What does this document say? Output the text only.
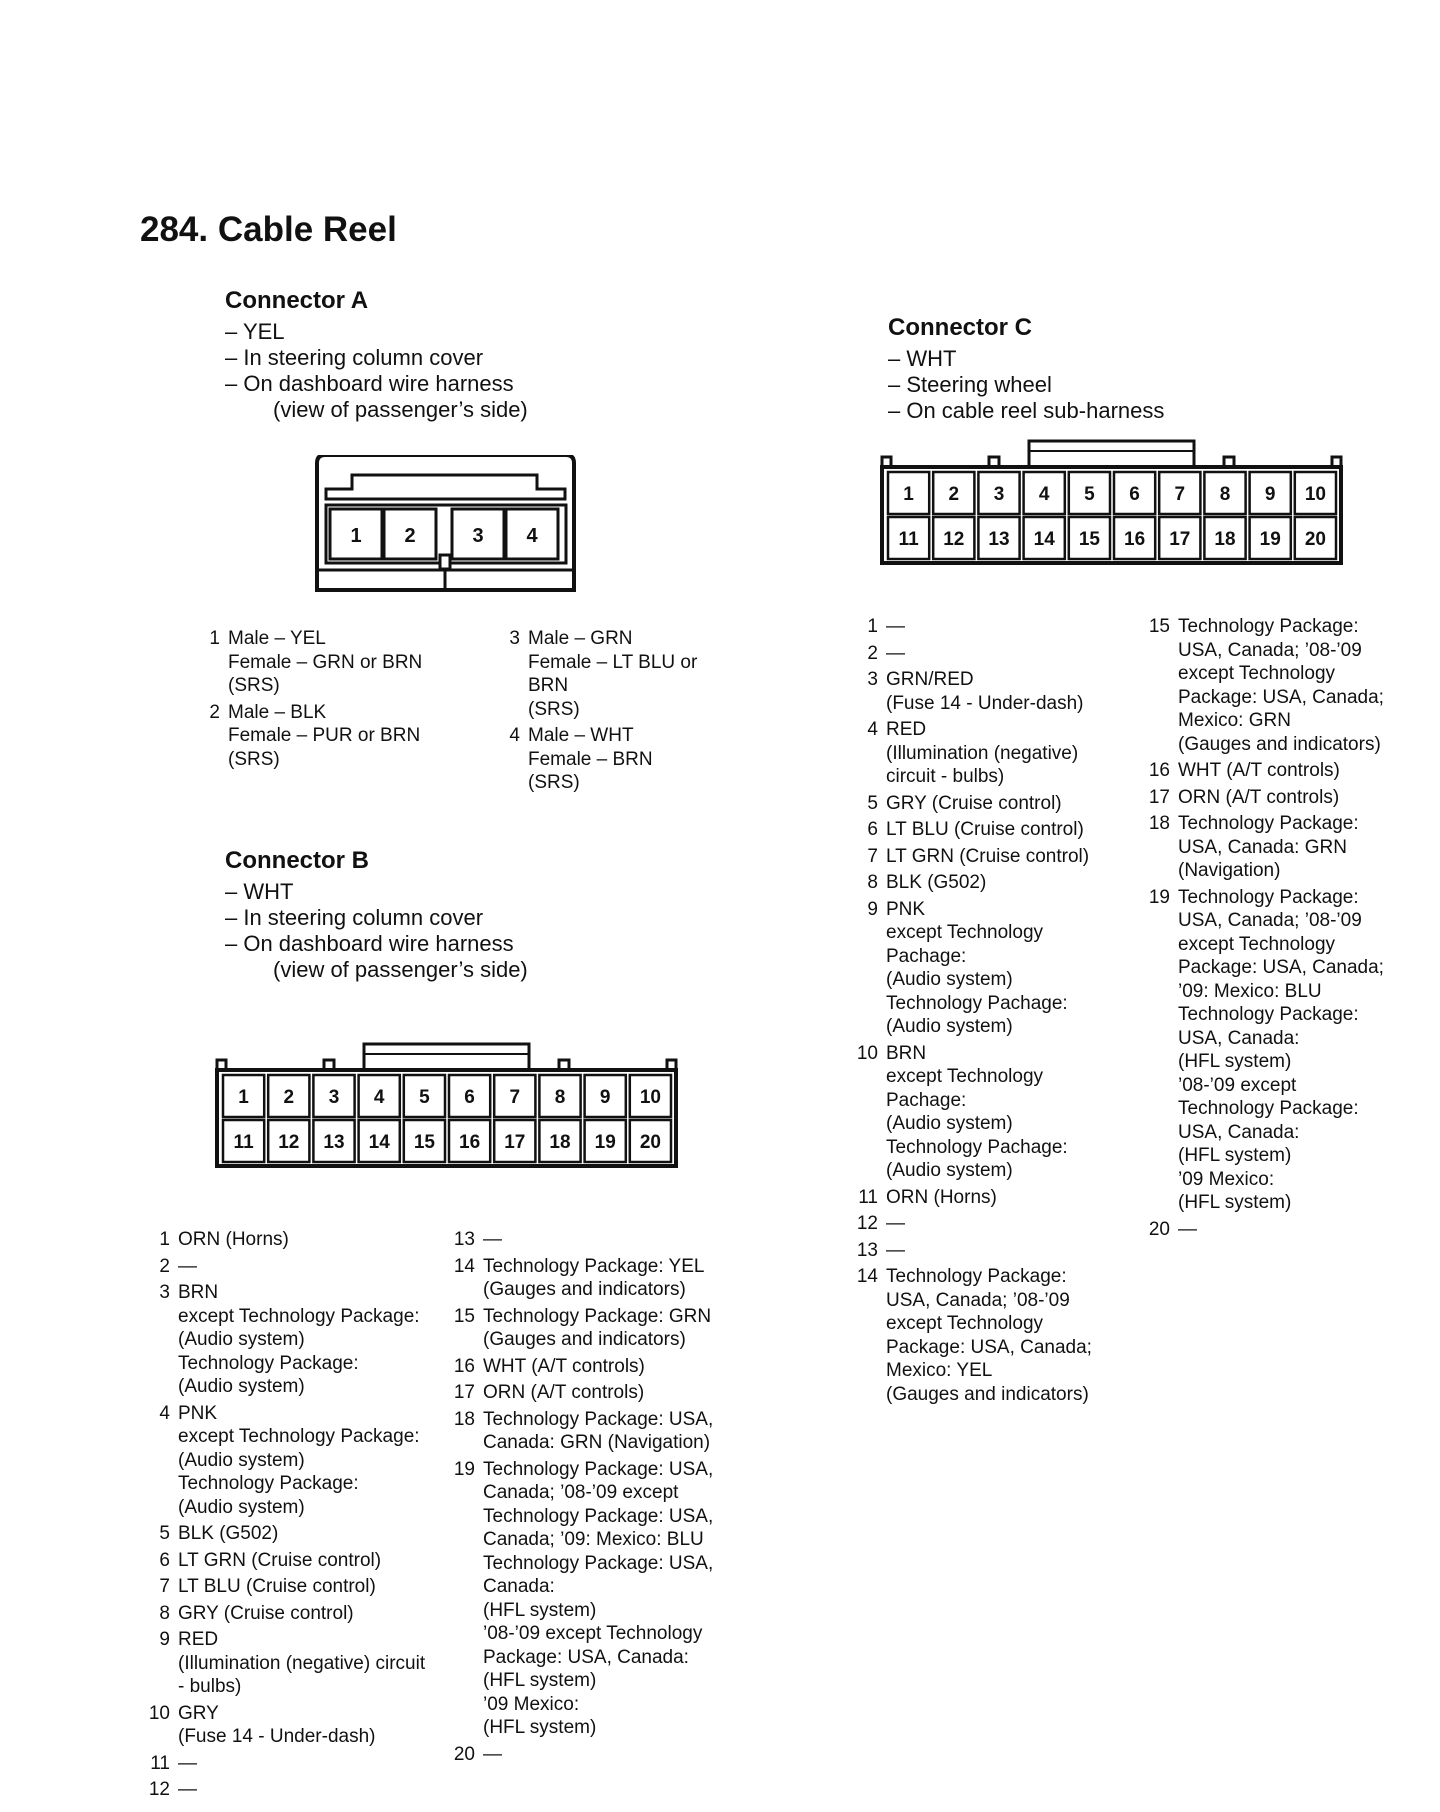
284. Cable Reel
Connector A
– YEL
– In steering column cover
– On dashboard wire harness
(view of passenger’s side)
1 2	3 4
1 Male – YEL
Female – GRN or BRN
(SRS)
2 Male – BLK
Female – PUR or BRN
(SRS)
3 Male – GRN
Female – LT BLU or
BRN
(SRS)
4 Male – WHT
Female – BRN
(SRS)
Connector B
– WHT
– In steering column cover
– On dashboard wire harness
(view of passenger’s side)
1 2 3 4 5 6 7 8 9 10
11 12 13 14 15 16 17 18 19 20
1 ORN (Horns)
2 —
3 BRN
except Technology Package:
(Audio system)
Technology Package:
(Audio system)
4 PNK
except Technology Package:
(Audio system)
Technology Package:
(Audio system)
5 BLK (G502)
6 LT GRN (Cruise control)
7 LT BLU (Cruise control)
8 GRY (Cruise control)
9 RED
(Illumination (negative) circuit
- bulbs)
10 GRY
(Fuse 14 - Under-dash)
11 —
12 —
13 —
14 Technology Package: YEL
(Gauges and indicators)
15 Technology Package: GRN
(Gauges and indicators)
16 WHT (A/T controls)
17 ORN (A/T controls)
18 Technology Package: USA,
Canada: GRN (Navigation)
19 Technology Package: USA,
Canada; ’08-’09 except
Technology Package: USA,
Canada; ’09: Mexico: BLU
Technology Package: USA,
Canada:
(HFL system)
’08-’09 except Technology
Package: USA, Canada:
(HFL system)
’09 Mexico:
(HFL system)
20 —
Connector C
– WHT
– Steering wheel
– On cable reel sub-harness
1 2 3 4 5 6 7 8 9 10
11 12 13 14 15 16 17 18 19 20
1 —
2 —
3 GRN/RED
(Fuse 14 - Under-dash)
4 RED
(Illumination (negative)
circuit - bulbs)
5 GRY (Cruise control)
6 LT BLU (Cruise control)
7 LT GRN (Cruise control)
8 BLK (G502)
9 PNK
except Technology
Pachage:
(Audio system)
Technology Pachage:
(Audio system)
10 BRN
except Technology
Pachage:
(Audio system)
Technology Pachage:
(Audio system)
11 ORN (Horns)
12 —
13 —
14 Technology Package:
USA, Canada; ’08-’09
except Technology
Package: USA, Canada;
Mexico: YEL
(Gauges and indicators)
15 Technology Package:
USA, Canada; ’08-’09
except Technology
Package: USA, Canada;
Mexico: GRN
(Gauges and indicators)
16 WHT (A/T controls)
17 ORN (A/T controls)
18 Technology Package:
USA, Canada: GRN
(Navigation)
19 Technology Package:
USA, Canada; ’08-’09
except Technology
Package: USA, Canada;
’09: Mexico: BLU
Technology Package:
USA, Canada:
(HFL system)
’08-’09 except
Technology Package:
USA, Canada:
(HFL system)
’09 Mexico:
(HFL system)
20 —
